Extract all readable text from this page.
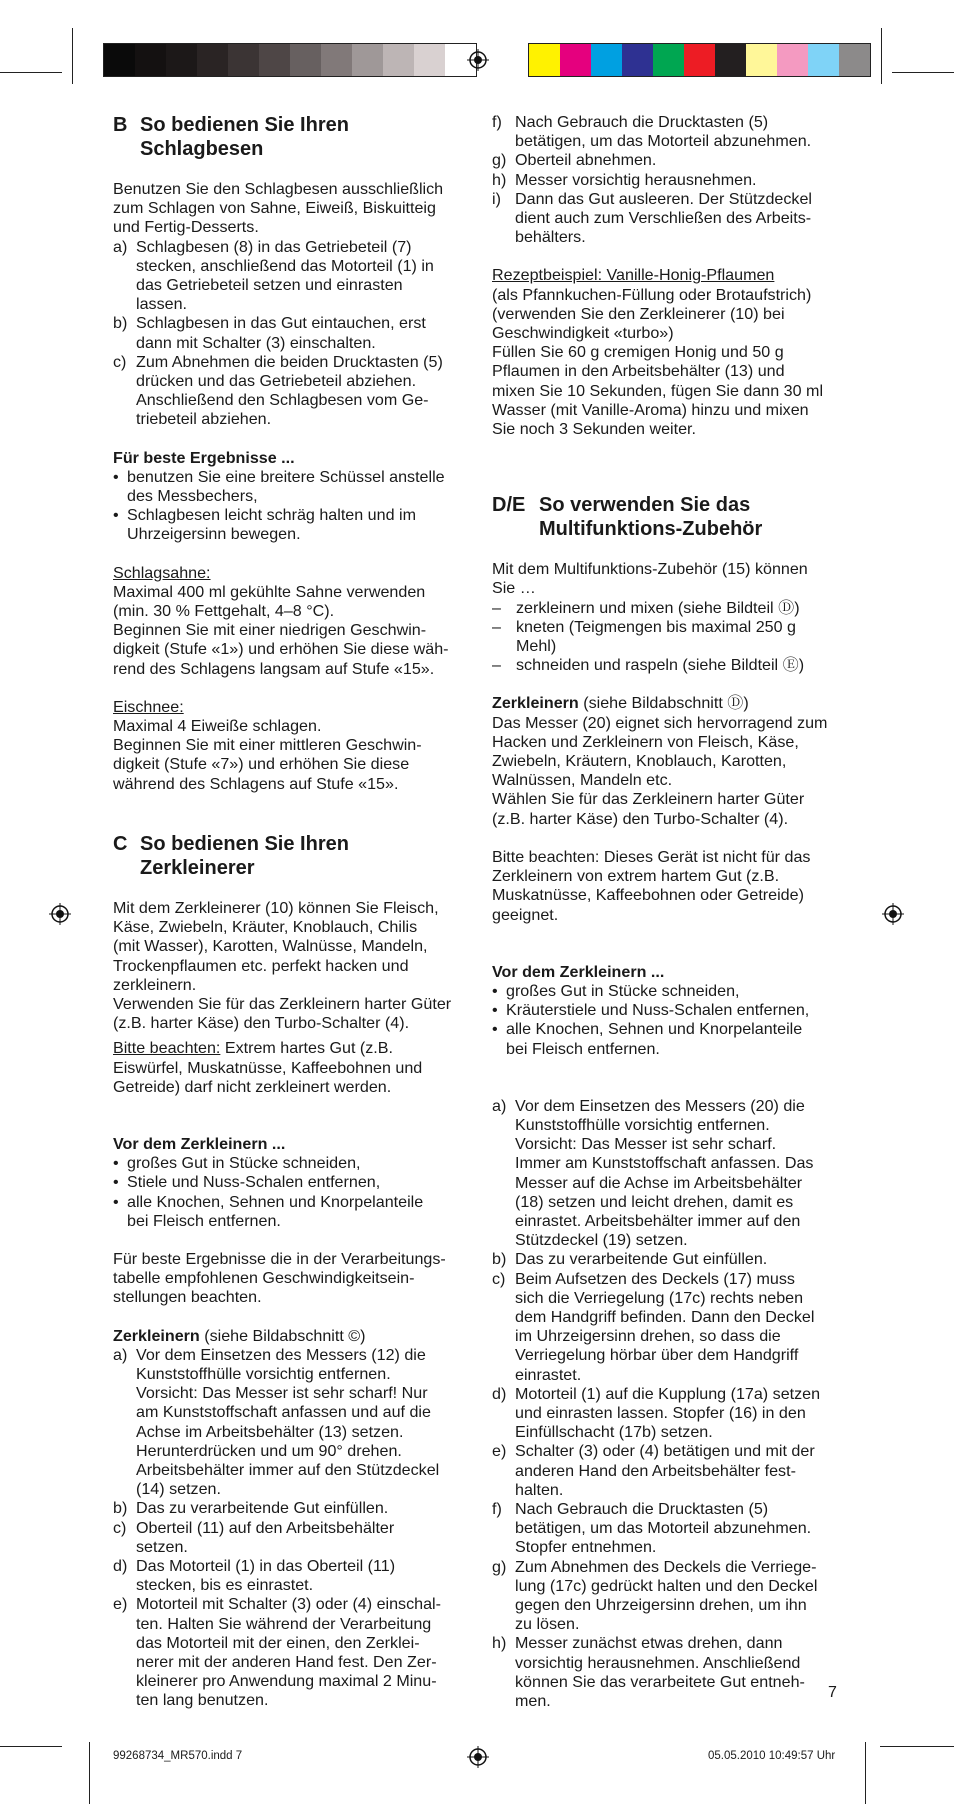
B So bedienen Sie Ihren
Schlagbesen
Benutzen Sie den Schlagbesen ausschließlich
zum Schlagen von Sahne, Eiweiß, Biskuitteig
und Fertig-Desserts.
a) Schlagbesen (8) in das Getriebeteil (7)
stecken, anschließend das Motorteil (1) in
das Getriebeteil setzen und einrasten
lassen.
b) Schlagbesen in das Gut eintauchen, erst
dann mit Schalter (3) einschalten.
c) Zum Abnehmen die beiden Drucktasten (5)
drücken und das Getriebeteil abziehen.
Anschließend den Schlagbesen vom Ge-
triebeteil abziehen.

Für beste Ergebnisse ...

• benutzen Sie eine breitere Schüssel anstelle
des Messbechers,
• Schlagbesen leicht schräg halten und im
Uhrzeigersinn bewegen.

Schlagsahne:

Maximal 400 ml gekühlte Sahne verwenden
(min. 30 % Fettgehalt, 4–8 °C).
Beginnen Sie mit einer niedrigen Geschwin-
digkeit (Stufe «1») und erhöhen Sie diese wäh-
rend des Schlagens langsam auf Stufe «15».

Eischnee:

Maximal 4 Eiweiße schlagen.
Beginnen Sie mit einer mittleren Geschwin-
digkeit (Stufe «7») und erhöhen Sie diese
während des Schlagens auf Stufe «15».
C So bedienen Sie Ihren
Zerkleinerer
Mit dem Zerkleinerer (10) können Sie Fleisch,
Käse, Zwiebeln, Kräuter, Knoblauch, Chilis
(mit Wasser), Karotten, Walnüsse, Mandeln,
Trockenpflaumen etc. perfekt hacken und
zerkleinern.
Verwenden Sie für das Zerkleinern harter Güter
(z.B. harter Käse) den Turbo-Schalter (4).

Bitte beachten: Extrem hartes Gut (z.B.

Eiswürfel, Muskatnüsse, Kaffeebohnen und
Getreide) darf nicht zerkleinert werden.

Vor dem Zerkleinern ...

• großes Gut in Stücke schneiden,
• Stiele und Nuss-Schalen entfernen,
• alle Knochen, Sehnen und Knorpelanteile
bei Fleisch entfernen.
Für beste Ergebnisse die in der Verarbeitungs-
tabelle empfohlenen Geschwindigkeitsein-
stellungen beachten.

Zerkleinern (siehe Bildabschnitt ©)

a) Vor dem Einsetzen des Messers (12) die
Kunststoffhülle vorsichtig entfernen.
Vorsicht: Das Messer ist sehr scharf! Nur
am Kunststoffschaft anfassen und auf die
Achse im Arbeitsbehälter (13) setzen.
Herunterdrücken und um 90° drehen.
Arbeitsbehälter immer auf den Stützdeckel
(14) setzen.
b) Das zu verarbeitende Gut einfüllen.
c) Oberteil (11) auf den Arbeitsbehälter
setzen.
d) Das Motorteil (1) in das Oberteil (11)
stecken, bis es einrastet.
e) Motorteil mit Schalter (3) oder (4) einschal-
ten. Halten Sie während der Verarbeitung
das Motorteil mit der einen, den Zerklei-
nerer mit der anderen Hand fest. Den Zer-
kleinerer pro Anwendung maximal 2 Minu-
ten lang benutzen.
f) Nach Gebrauch die Drucktasten (5)
betätigen, um das Motorteil abzunehmen.
g) Oberteil abnehmen.
h) Messer vorsichtig herausnehmen.
i) Dann das Gut ausleeren. Der Stützdeckel
dient auch zum Verschließen des Arbeits-
behälters.

Rezeptbeispiel: Vanille-Honig-Pflaumen

(als Pfannkuchen-Füllung oder Brotaufstrich)
(verwenden Sie den Zerkleinerer (10) bei
Geschwindigkeit «turbo»)
Füllen Sie 60 g cremigen Honig und 50 g
Pflaumen in den Arbeitsbehälter (13) und
mixen Sie 10 Sekunden, fügen Sie dann 30 ml
Wasser (mit Vanille-Aroma) hinzu und mixen
Sie noch 3 Sekunden weiter.
D/E So verwenden Sie das
Multifunktions-Zubehör
Mit dem Multifunktions-Zubehör (15) können
Sie …
– zerkleinern und mixen (siehe Bildteil Ⓓ)
– kneten (Teigmengen bis maximal 250 g
Mehl)
– schneiden und raspeln (siehe Bildteil Ⓔ)

Zerkleinern (siehe Bildabschnitt Ⓓ)

Das Messer (20) eignet sich hervorragend zum
Hacken und Zerkleinern von Fleisch, Käse,
Zwiebeln, Kräutern, Knoblauch, Karotten,
Walnüssen, Mandeln etc.
Wählen Sie für das Zerkleinern harter Güter
(z.B. harter Käse) den Turbo-Schalter (4).
Bitte beachten: Dieses Gerät ist nicht für das
Zerkleinern von extrem hartem Gut (z.B.
Muskatnüsse, Kaffeebohnen oder Getreide)
geeignet.

Vor dem Zerkleinern ...

• großes Gut in Stücke schneiden,
• Kräuterstiele und Nuss-Schalen entfernen,
• alle Knochen, Sehnen und Knorpelanteile
bei Fleisch entfernen.
a) Vor dem Einsetzen des Messers (20) die
Kunststoffhülle vorsichtig entfernen.
Vorsicht: Das Messer ist sehr scharf.
Immer am Kunststoffschaft anfassen. Das
Messer auf die Achse im Arbeitsbehälter
(18) setzen und leicht drehen, damit es
einrastet. Arbeitsbehälter immer auf den
Stützdeckel (19) setzen.
b) Das zu verarbeitende Gut einfüllen.
c) Beim Aufsetzen des Deckels (17) muss
sich die Verriegelung (17c) rechts neben
dem Handgriff befinden. Dann den Deckel
im Uhrzeigersinn drehen, so dass die
Verriegelung hörbar über dem Handgriff
einrastet.
d) Motorteil (1) auf die Kupplung (17a) setzen
und einrasten lassen. Stopfer (16) in den
Einfüllschacht (17b) setzen.
e) Schalter (3) oder (4) betätigen und mit der
anderen Hand den Arbeitsbehälter fest-
halten.
f) Nach Gebrauch die Drucktasten (5)
betätigen, um das Motorteil abzunehmen.
Stopfer entnehmen.
g) Zum Abnehmen des Deckels die Verriege-
lung (17c) gedrückt halten und den Deckel
gegen den Uhrzeigersinn drehen, um ihn
zu lösen.
h) Messer zunächst etwas drehen, dann
vorsichtig herausnehmen. Anschließend
können Sie das verarbeitete Gut entneh-
men.	7
99268734_MR570.indd 7	05.05.2010 10:49:57 Uhr
